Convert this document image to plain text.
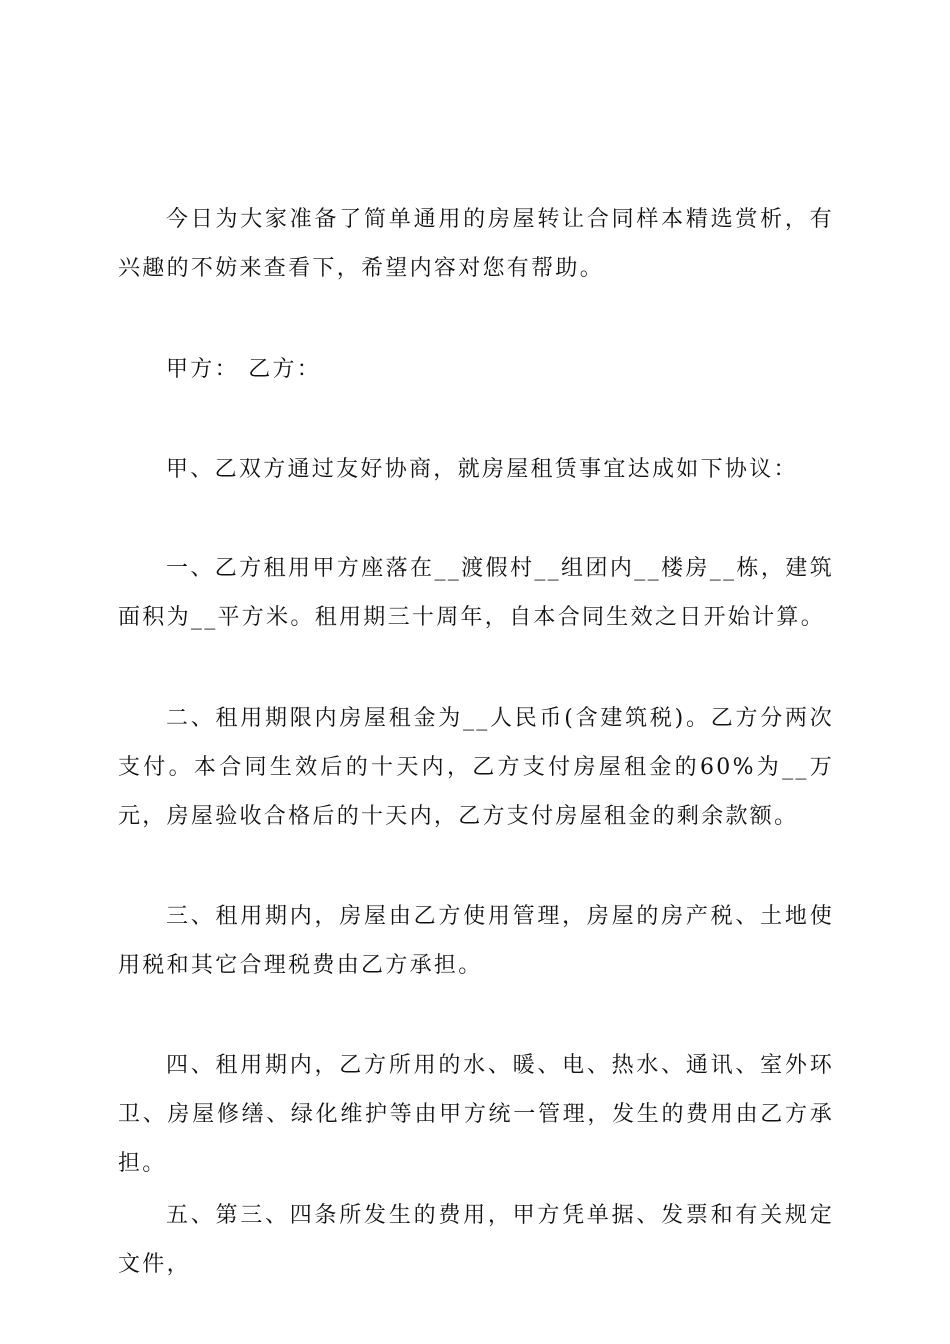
今日为大家准备了简单通用的房屋转让合同样本精选赏析，有兴趣的不妨来查看下，希望内容对您有帮助。

甲方： 乙方：

甲、乙双方通过友好协商，就房屋租赁事宜达成如下协议：

一、乙方租用甲方座落在__渡假村__组团内__楼房__栋，建筑面积为__平方米。租用期三十周年，自本合同生效之日开始计算。

二、租用期限内房屋租金为__人民币(含建筑税)。乙方分两次支付。本合同生效后的十天内，乙方支付房屋租金的60%为__万元，房屋验收合格后的十天内，乙方支付房屋租金的剩余款额。

三、租用期内，房屋由乙方使用管理，房屋的房产税、土地使用税和其它合理税费由乙方承担。

四、租用期内，乙方所用的水、暖、电、热水、通讯、室外环卫、房屋修缮、绿化维护等由甲方统一管理，发生的费用由乙方承担。

五、第三、四条所发生的费用，甲方凭单据、发票和有关规定文件，
